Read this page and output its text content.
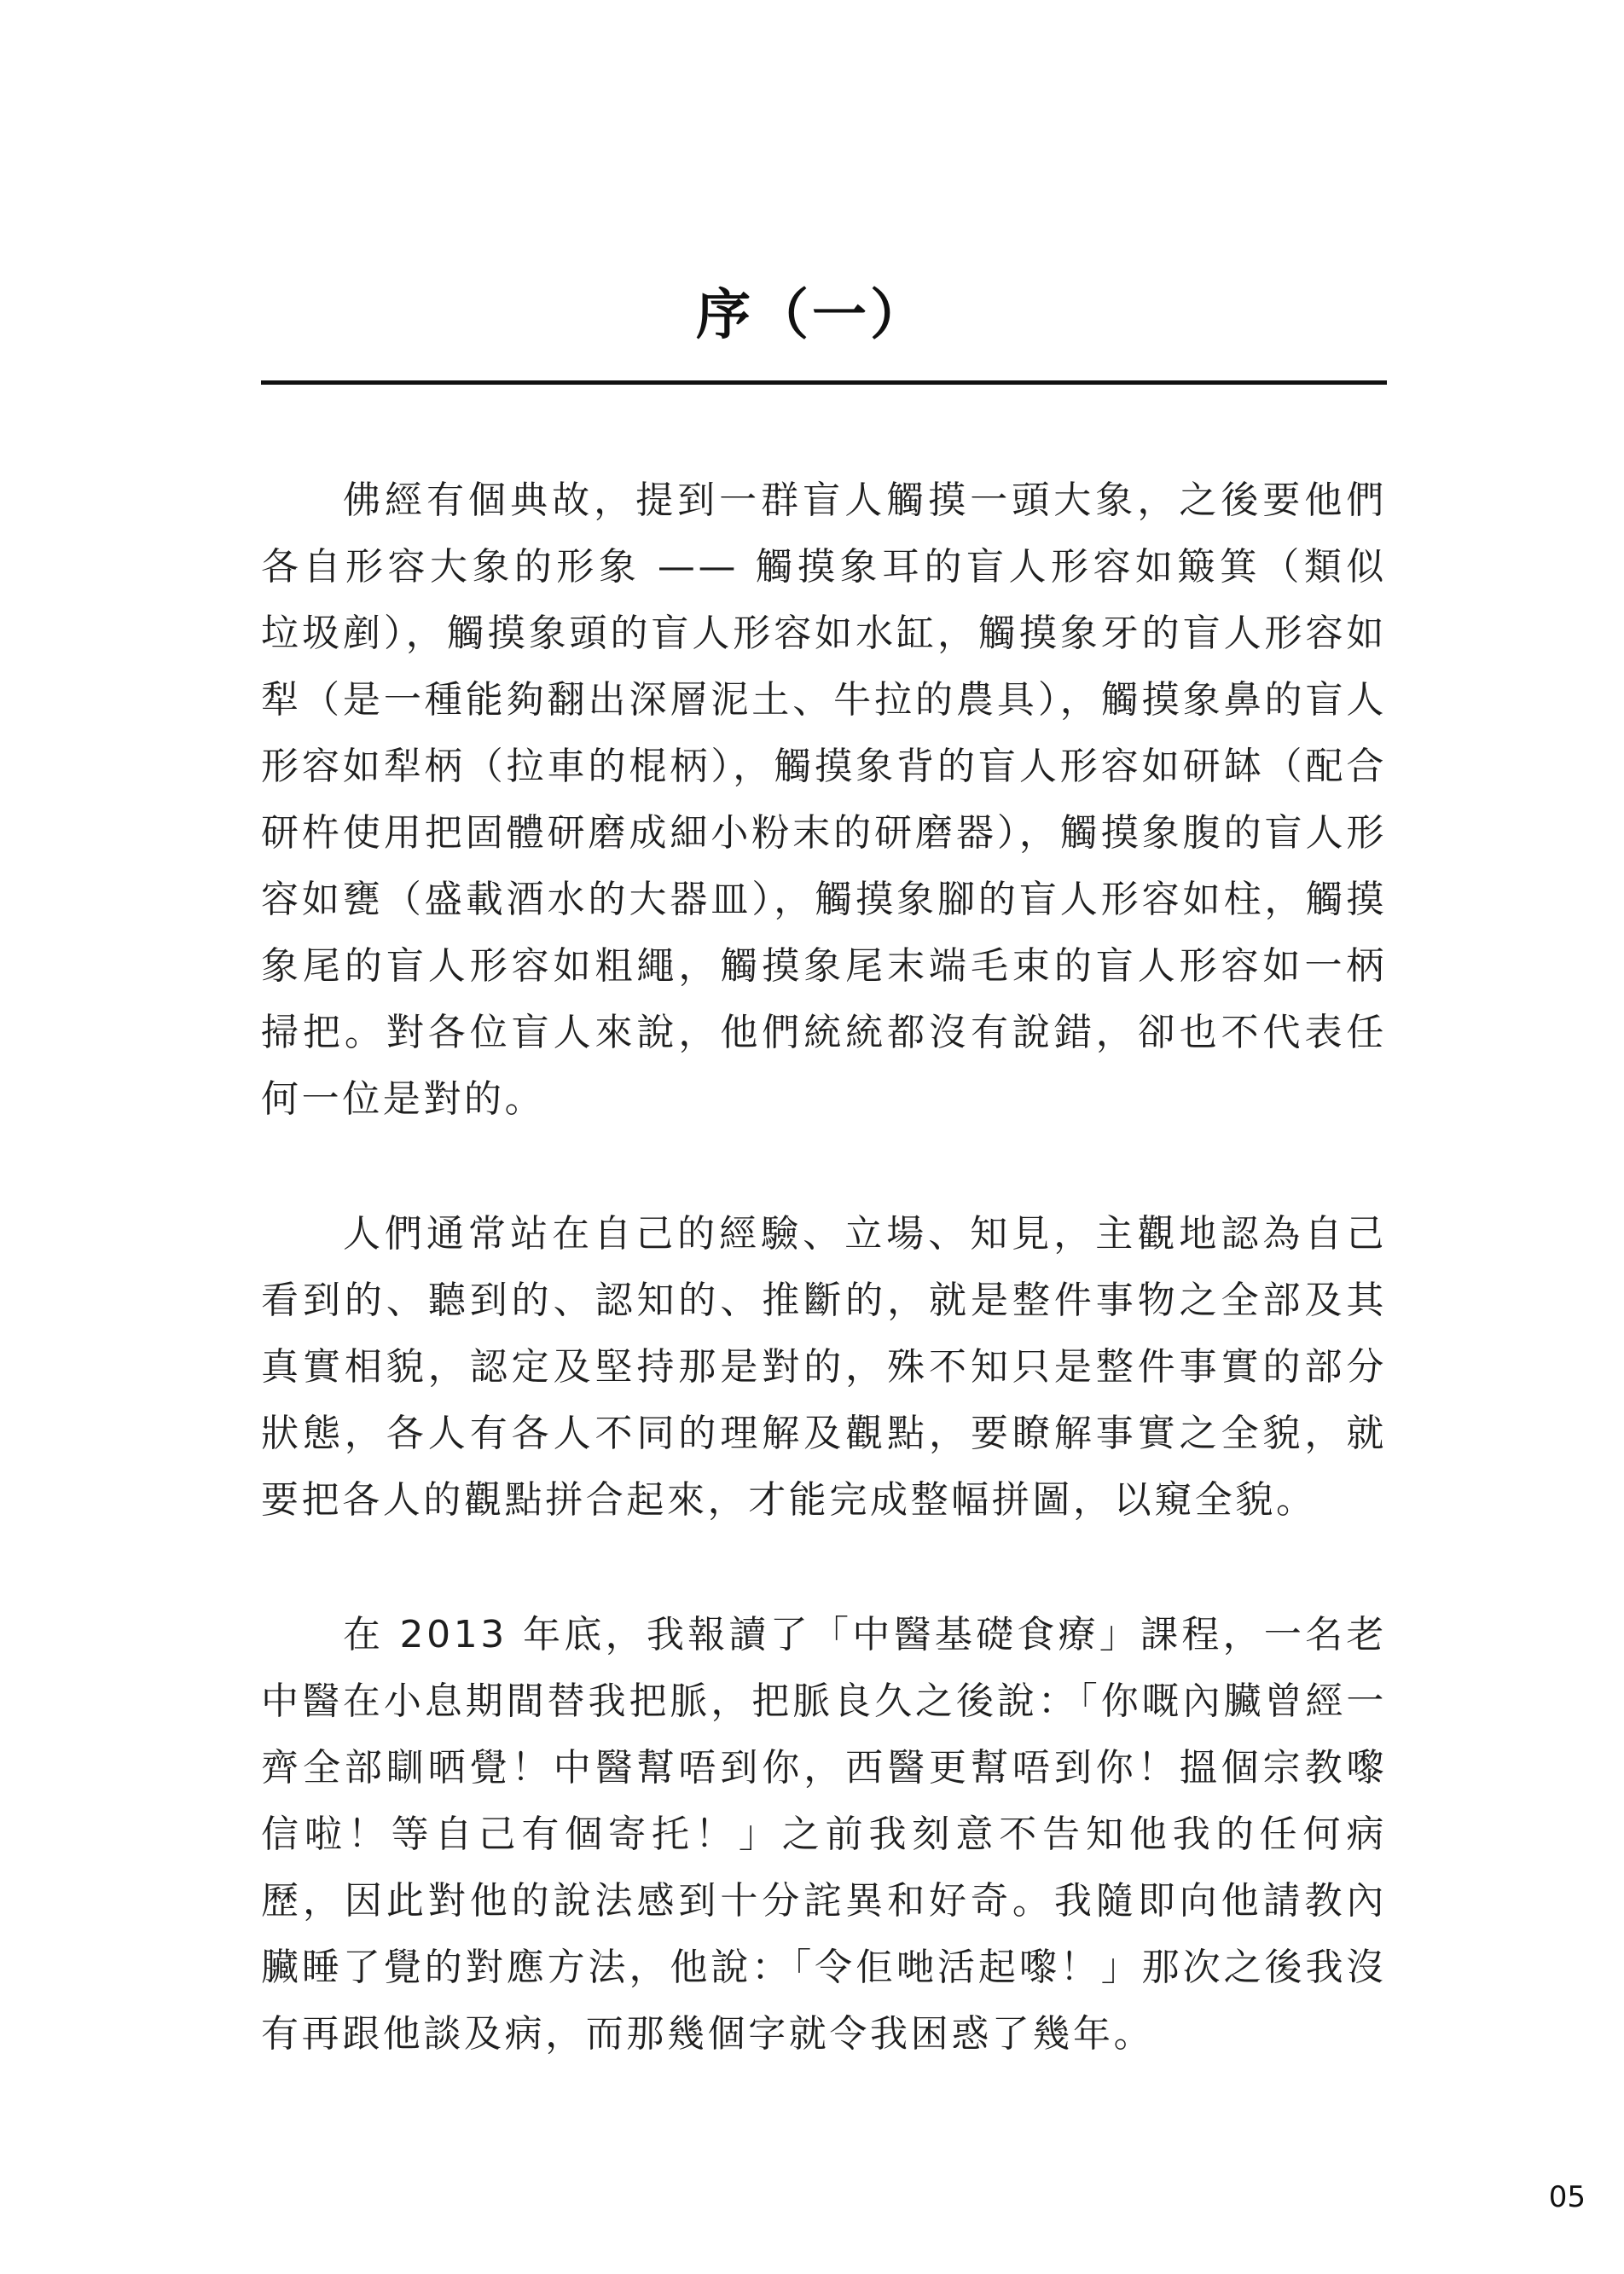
序（一）

佛經有個典故，提到一群盲人觸摸一頭大象，之後要他們各自形容大象的形象 —— 觸摸象耳的盲人形容如簸箕（類似垃圾剷），觸摸象頭的盲人形容如水缸，觸摸象牙的盲人形容如犁（是一種能夠翻出深層泥土、牛拉的農具），觸摸象鼻的盲人形容如犁柄（拉車的棍柄），觸摸象背的盲人形容如研缽（配合研杵使用把固體研磨成細小粉末的研磨器），觸摸象腹的盲人形容如甕（盛載酒水的大器皿），觸摸象腳的盲人形容如柱，觸摸象尾的盲人形容如粗繩，觸摸象尾末端毛束的盲人形容如一柄掃把。對各位盲人來說，他們統統都沒有說錯，卻也不代表任何一位是對的。

人們通常站在自己的經驗、立場、知見，主觀地認為自己看到的、聽到的、認知的、推斷的，就是整件事物之全部及其真實相貌，認定及堅持那是對的，殊不知只是整件事實的部分狀態，各人有各人不同的理解及觀點，要瞭解事實之全貌，就要把各人的觀點拼合起來，才能完成整幅拼圖，以窺全貌。

在 2013 年底，我報讀了「中醫基礎食療」課程，一名老中醫在小息期間替我把脈，把脈良久之後說：「你嘅內臟曾經一齊全部瞓晒覺！中醫幫唔到你，西醫更幫唔到你！搵個宗教嚟信啦！等自己有個寄托！」之前我刻意不告知他我的任何病歷，因此對他的說法感到十分詫異和好奇。我隨即向他請教內臟睡了覺的對應方法，他說：「令佢哋活起嚟！」那次之後我沒有再跟他談及病，而那幾個字就令我困惑了幾年。

05
